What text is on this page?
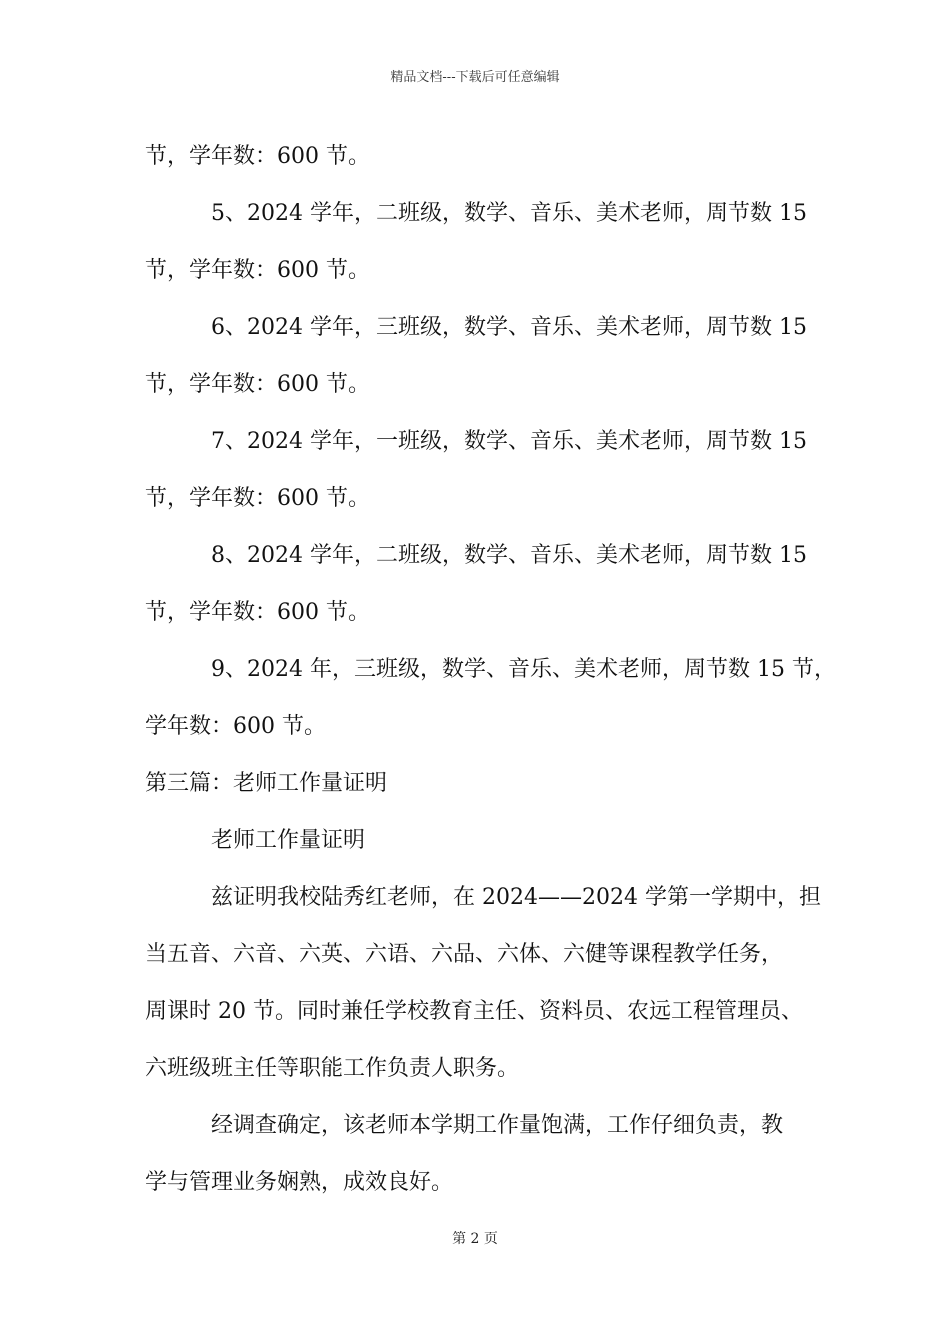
精品文档---下载后可任意编辑
节，学年数：600 节。
5、2024 学年，二班级，数学、音乐、美术老师，周节数 15
节，学年数：600 节。
6、2024 学年，三班级，数学、音乐、美术老师，周节数 15
节，学年数：600 节。
7、2024 学年，一班级，数学、音乐、美术老师，周节数 15
节，学年数：600 节。
8、2024 学年，二班级，数学、音乐、美术老师，周节数 15
节，学年数：600 节。
9、2024 年，三班级，数学、音乐、美术老师，周节数 15 节，
学年数：600 节。
第三篇：老师工作量证明
老师工作量证明
兹证明我校陆秀红老师，在 2024——2024 学第一学期中，担
当五音、六音、六英、六语、六品、六体、六健等课程教学任务，
周课时 20 节。同时兼任学校教育主任、资料员、农远工程管理员、
六班级班主任等职能工作负责人职务。
经调查确定，该老师本学期工作量饱满，工作仔细负责，教
学与管理业务娴熟，成效良好。
第 2 页
